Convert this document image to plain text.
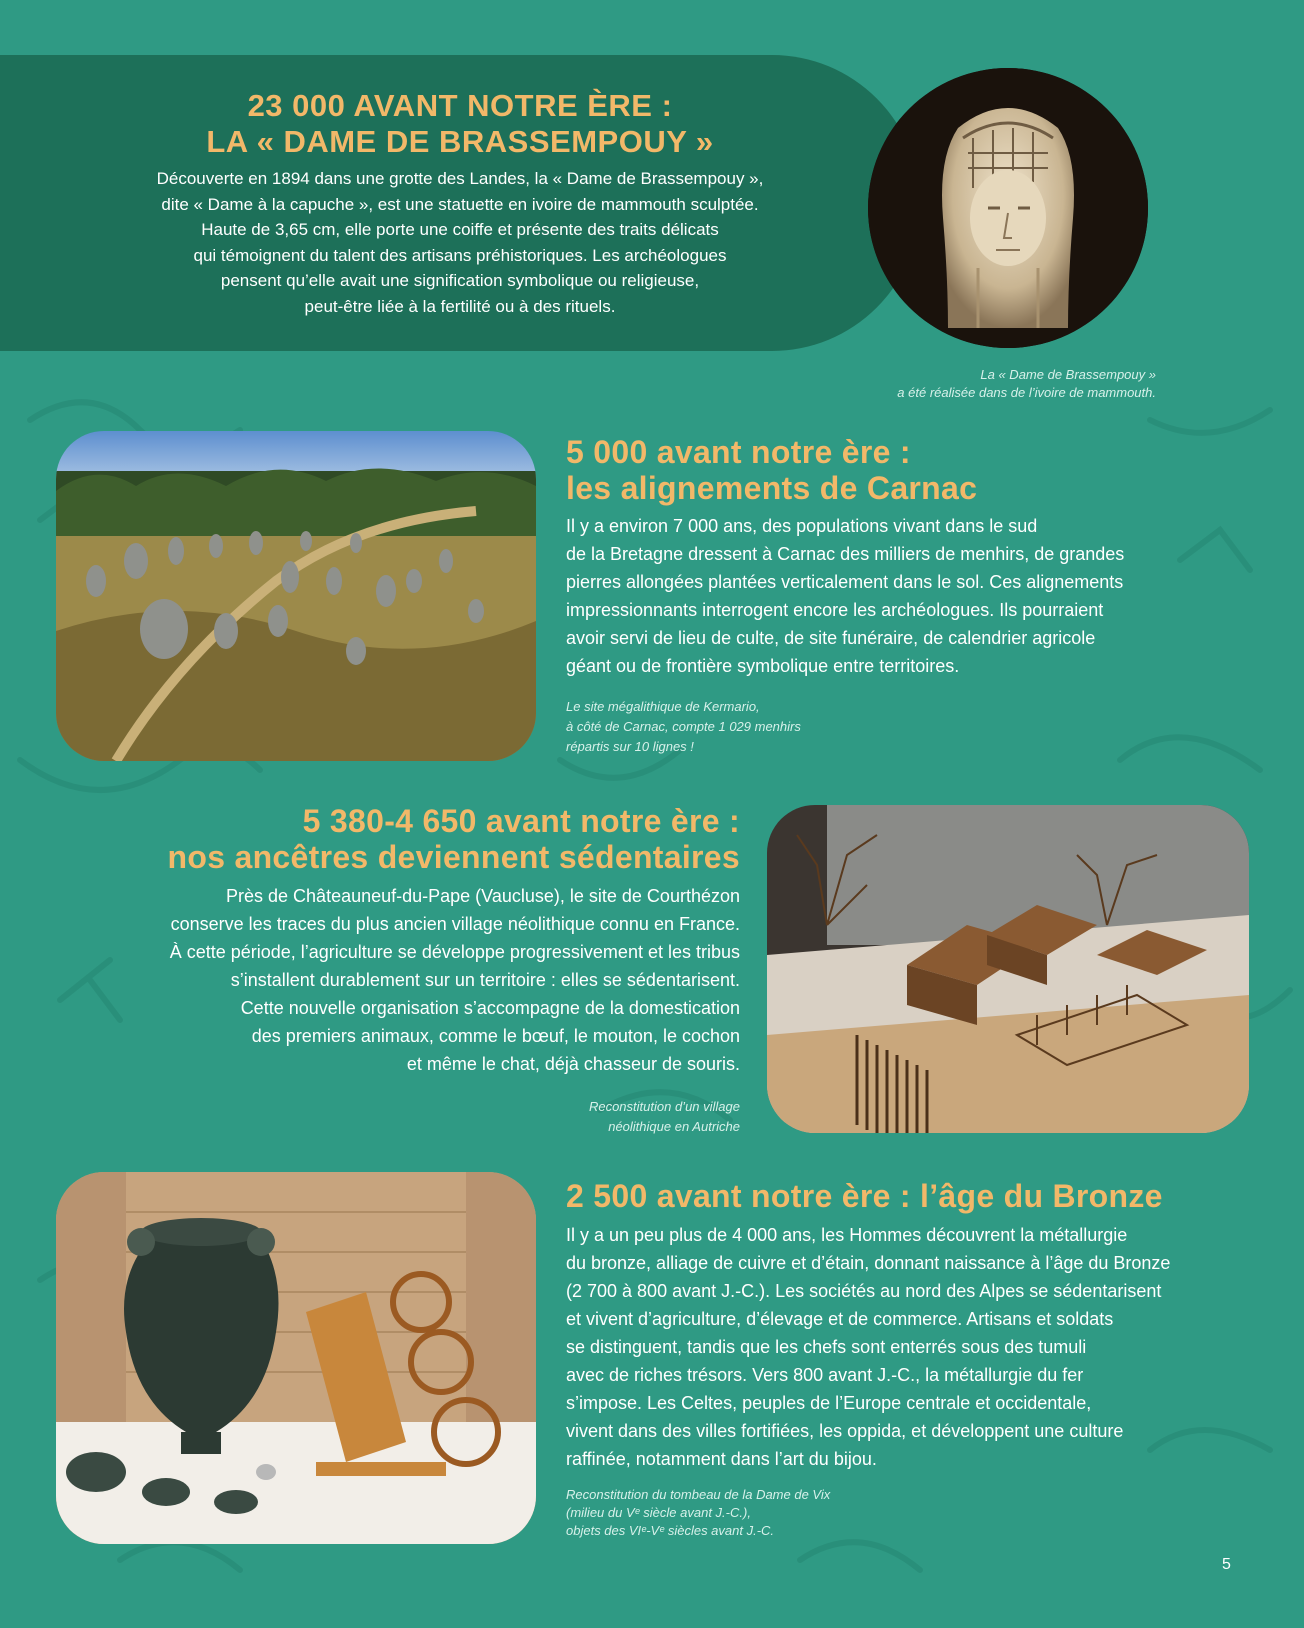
23 000 AVANT NOTRE ÈRE :
LA « DAME DE BRASSEMPOUY »

Découverte en 1894 dans une grotte des Landes, la « Dame de Brassempouy »,
dite « Dame à la capuche », est une statuette en ivoire de mammouth sculptée.
Haute de 3,65 cm, elle porte une coiffe et présente des traits délicats
qui témoignent du talent des artisans préhistoriques. Les archéologues
pensent qu’elle avait une signification symbolique ou religieuse,
peut-être liée à la fertilité ou à des rituels.

La « Dame de Brassempouy »
a été réalisée dans de l’ivoire de mammouth.

5 000 avant notre ère :
les alignements de Carnac

Il y a environ 7 000 ans, des populations vivant dans le sud
de la Bretagne dressent à Carnac des milliers de menhirs, de grandes
pierres allongées plantées verticalement dans le sol. Ces alignements
impressionnants interrogent encore les archéologues. Ils pourraient
avoir servi de lieu de culte, de site funéraire, de calendrier agricole
géant ou de frontière symbolique entre territoires.

Le site mégalithique de Kermario,
à côté de Carnac, compte 1 029 menhirs
répartis sur 10 lignes !

5 380-4 650 avant notre ère :
nos ancêtres deviennent sédentaires

Près de Châteauneuf-du-Pape (Vaucluse), le site de Courthézon
conserve les traces du plus ancien village néolithique connu en France.
À cette période, l’agriculture se développe progressivement et les tribus
s’installent durablement sur un territoire : elles se sédentarisent.
Cette nouvelle organisation s’accompagne de la domestication
des premiers animaux, comme le bœuf, le mouton, le cochon
et même le chat, déjà chasseur de souris.

Reconstitution d’un village
néolithique en Autriche

2 500 avant notre ère : l’âge du Bronze

Il y a un peu plus de 4 000 ans, les Hommes découvrent la métallurgie
du bronze, alliage de cuivre et d’étain, donnant naissance à l’âge du Bronze
(2 700 à 800 avant J.-C.). Les sociétés au nord des Alpes se sédentarisent
et vivent d’agriculture, d’élevage et de commerce. Artisans et soldats
se distinguent, tandis que les chefs sont enterrés sous des tumuli
avec de riches trésors. Vers 800 avant J.-C., la métallurgie du fer
s’impose. Les Celtes, peuples de l’Europe centrale et occidentale,
vivent dans des villes fortifiées, les oppida, et développent une culture
raffinée, notamment dans l’art du bijou.

Reconstitution du tombeau de la Dame de Vix
(milieu du Vᵉ siècle avant J.-C.),
objets des VIᵉ-Vᵉ siècles avant J.-C.

5
